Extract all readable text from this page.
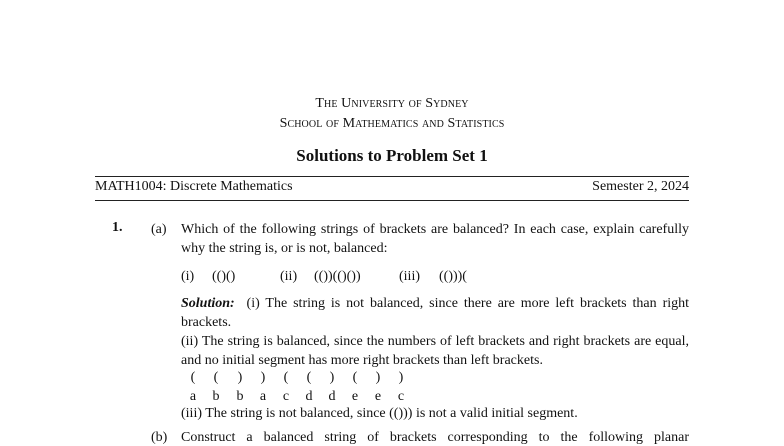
The University of Sydney
School of Mathematics and Statistics
Solutions to Problem Set 1
MATH1004: Discrete Mathematics	Semester 2, 2024
1. (a) Which of the following strings of brackets are balanced? In each case, explain carefully why the string is, or is not, balanced:
(i) (()()	(ii) (())(()())	(iii) (()))(
Solution: (i) The string is not balanced, since there are more left brackets than right brackets.
(ii) The string is balanced, since the numbers of left brackets and right brackets are equal, and no initial segment has more right brackets than left brackets.
(	(	)	)	(	(	)	(	)	)
a	b	b	a	c	d	d	e	e	c
(iii) The string is not balanced, since (())) is not a valid initial segment.
(b) Construct a balanced string of brackets corresponding to the following planar
